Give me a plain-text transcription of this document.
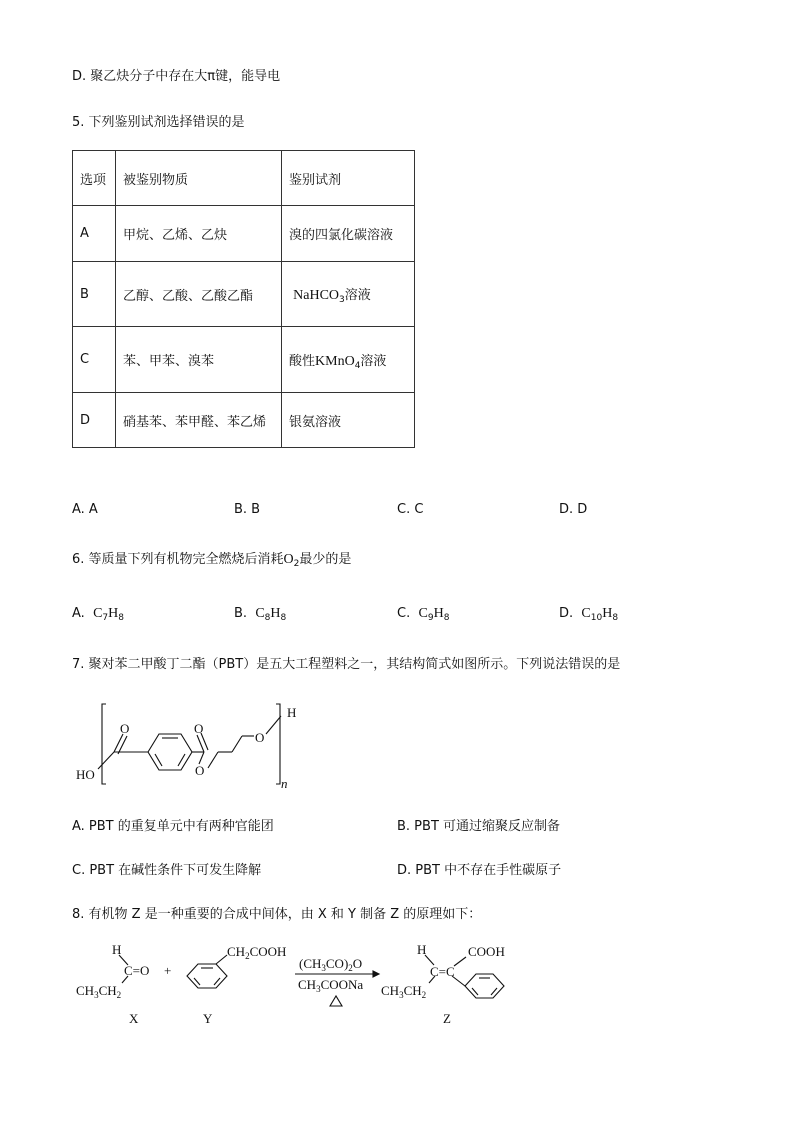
D. 聚乙炔分子中存在大π键，能导电
5. 下列鉴别试剂选择错误的是
选项	被鉴别物质	鉴别试剂
A	甲烷、乙烯、乙炔	溴的四氯化碳溶液
B	乙醇、乙酸、乙酸乙酯	NaHCO$_3$溶液
C	苯、甲苯、溴苯	酸性KMnO$_4$溶液
D	硝基苯、苯甲醛、苯乙烯	银氨溶液
A. A	B. B	C. C	D. D
6. 等质量下列有机物完全燃烧后消耗$O_2$最少的是
A. $C_7H_8$	B. $C_8H_8$	C. $C_9H_8$	D. $C_{10}H_8$
7. 聚对苯二甲酸丁二酯（PBT）是五大工程塑料之一，其结构简式如图所示。下列说法错误的是
HO
O	O
O
O
H
n
A. PBT 的重复单元中有两种官能团	B. PBT 可通过缩聚反应制备
C. PBT 在碱性条件下可发生降解	D. PBT 中不存在手性碳原子
8. 有机物 Z 是一种重要的合成中间体，由 X 和 Y 制备 Z 的原理如下：
H
C=O +
$CH_3CH_2$
X
$CH_2COOH$
Y
$(CH_3CO)_2O$
$CH_3COONa$
H
C=C
COOH
$CH_3CH_2$
Z
